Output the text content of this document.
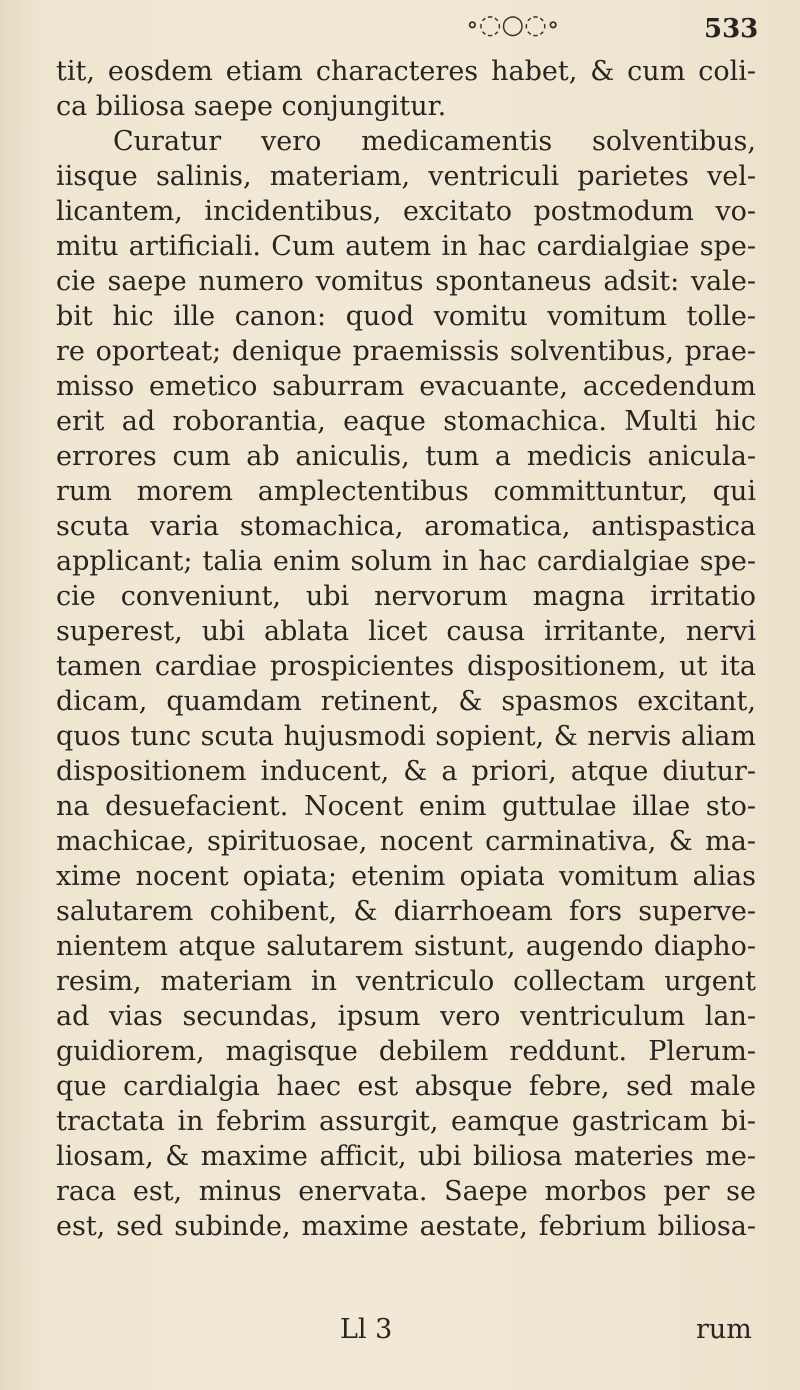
∘◌○◌∘	533
tit, eosdem etiam characteres habet, & cum coli-
ca biliosa saepe conjungitur.
Curatur vero medicamentis solventibus,
iisque salinis, materiam, ventriculi parietes vel-
licantem, incidentibus, excitato postmodum vo-
mitu artificiali. Cum autem in hac cardialgiae spe-
cie saepe numero vomitus spontaneus adsit: vale-
bit hic ille canon: quod vomitu vomitum tolle-
re oporteat; denique praemissis solventibus, prae-
misso emetico saburram evacuante, accedendum
erit ad roborantia, eaque stomachica. Multi hic
errores cum ab aniculis, tum a medicis anicula-
rum morem amplectentibus committuntur, qui
scuta varia stomachica, aromatica, antispastica
applicant; talia enim solum in hac cardialgiae spe-
cie conveniunt, ubi nervorum magna irritatio
superest, ubi ablata licet causa irritante, nervi
tamen cardiae prospicientes dispositionem, ut ita
dicam, quamdam retinent, & spasmos excitant,
quos tunc scuta hujusmodi sopient, & nervis aliam
dispositionem inducent, & a priori, atque diutur-
na desuefacient. Nocent enim guttulae illae sto-
machicae, spirituosae, nocent carminativa, & ma-
xime nocent opiata; etenim opiata vomitum alias
salutarem cohibent, & diarrhoeam fors superve-
nientem atque salutarem sistunt, augendo diapho-
resim, materiam in ventriculo collectam urgent
ad vias secundas, ipsum vero ventriculum lan-
guidiorem, magisque debilem reddunt. Plerum-
que cardialgia haec est absque febre, sed male
tractata in febrim assurgit, eamque gastricam bi-
liosam, & maxime afficit, ubi biliosa materies me-
raca est, minus enervata. Saepe morbos per se
est, sed subinde, maxime aestate, febrium biliosa-
Ll 3	rum
